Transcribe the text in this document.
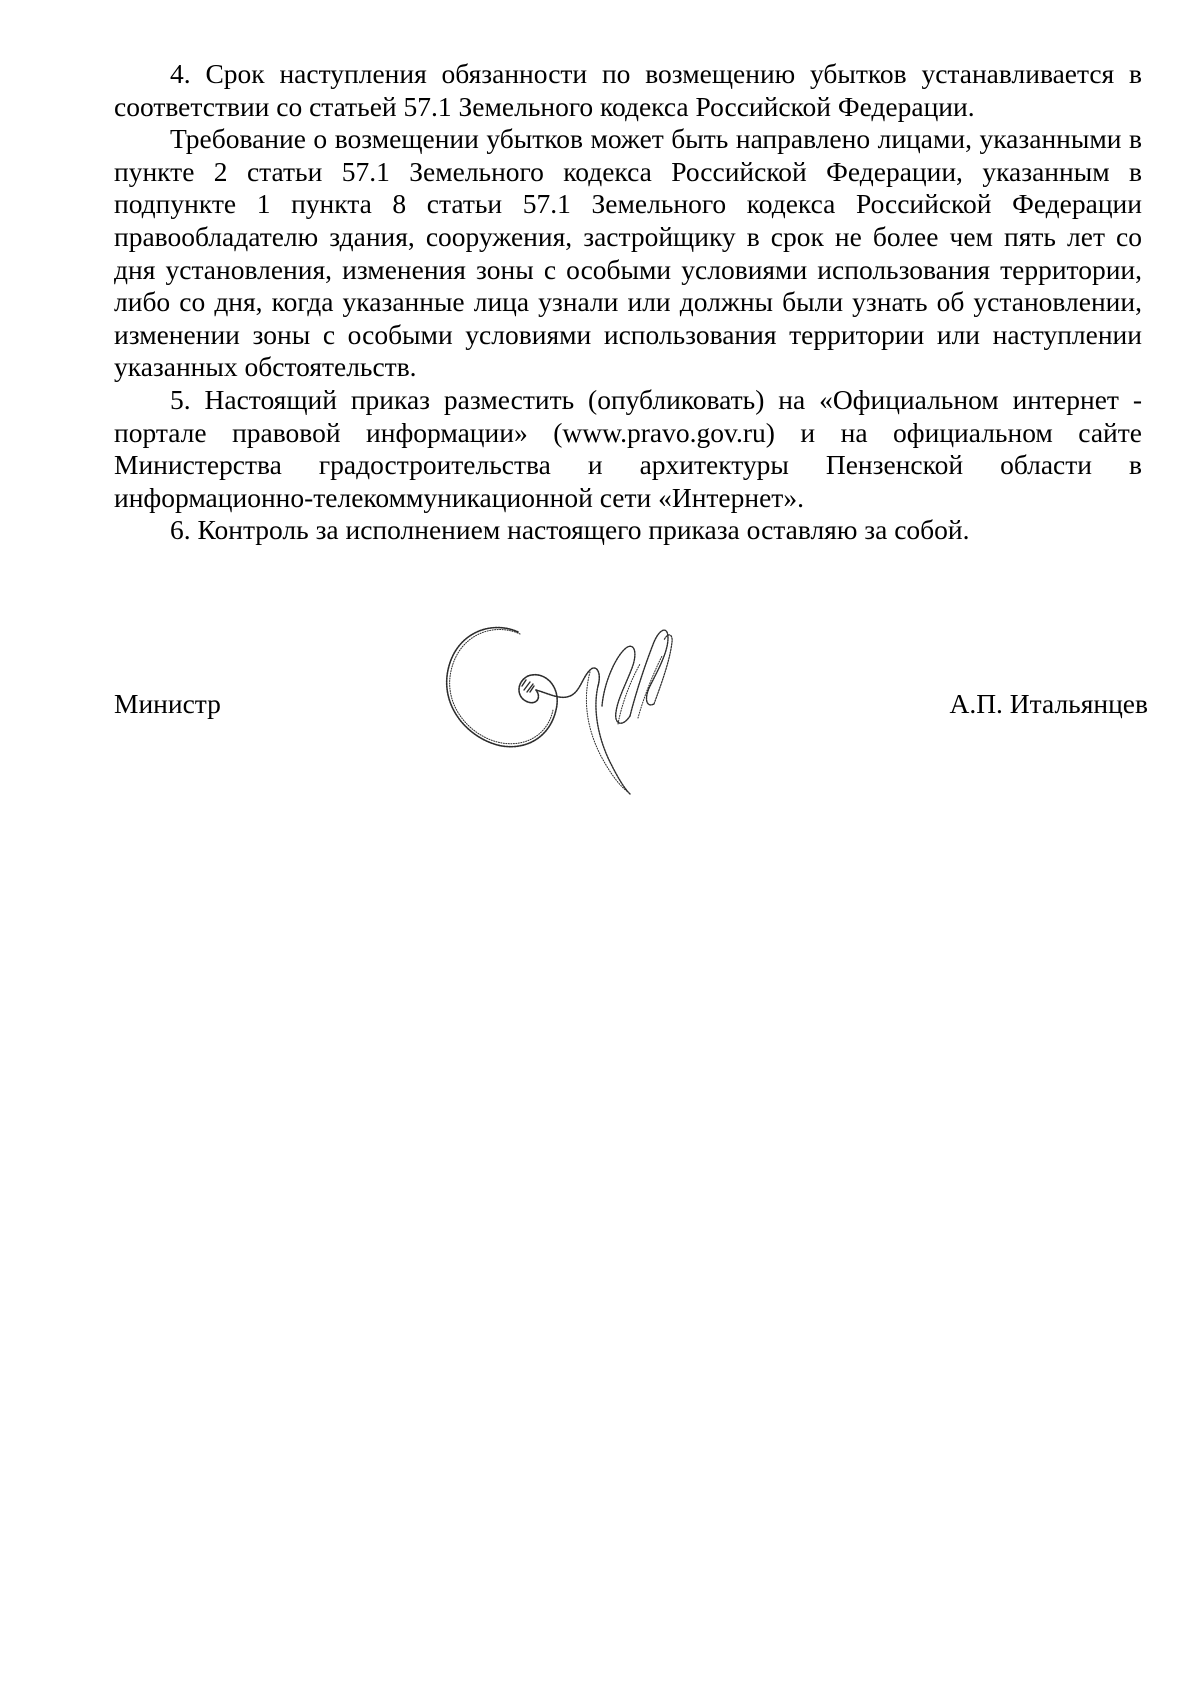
4. Срок наступления обязанности по возмещению убытков устанавливается в соответствии со статьей 57.1 Земельного кодекса Российской Федерации.

Требование о возмещении убытков может быть направлено лицами, указанными в пункте 2 статьи 57.1 Земельного кодекса Российской Федерации, указанным в подпункте 1 пункта 8 статьи 57.1 Земельного кодекса Российской Федерации правообладателю здания, сооружения, застройщику в срок не более чем пять лет со дня установления, изменения зоны с особыми условиями использования территории, либо со дня, когда указанные лица узнали или должны были узнать об установлении, изменении зоны с особыми условиями использования территории или наступлении указанных обстоятельств.

5. Настоящий приказ разместить (опубликовать) на «Официальном интернет - портале правовой информации» (www.pravo.gov.ru) и на официальном сайте Министерства градостроительства и архитектуры Пензенской области в информационно-телекоммуникационной сети «Интернет».

6. Контроль за исполнением настоящего приказа оставляю за собой.

Министр	А.П. Итальянцев
